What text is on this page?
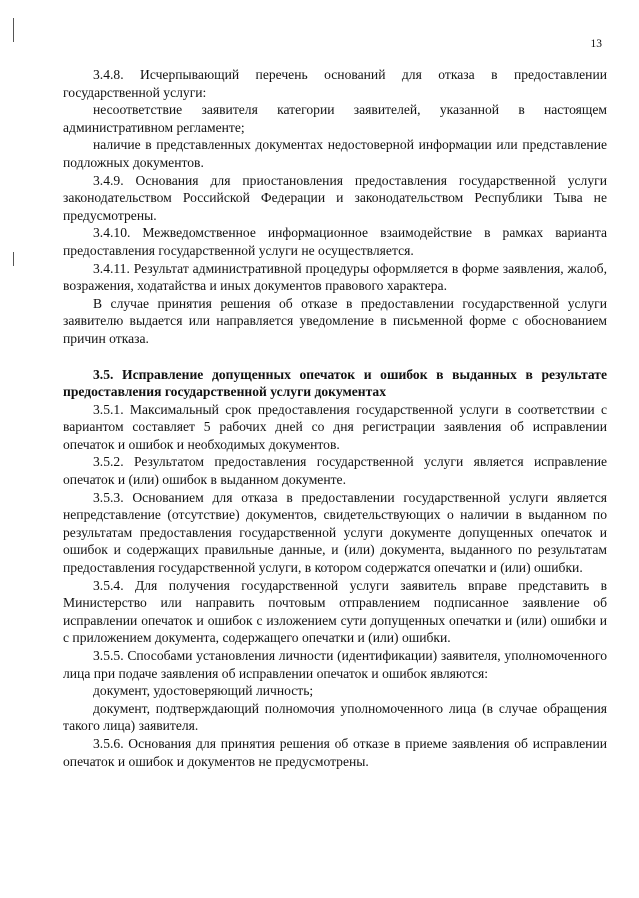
13

3.4.8. Исчерпывающий перечень оснований для отказа в предоставлении государственной услуги:

несоответствие заявителя категории заявителей, указанной в настоящем административном регламенте;

наличие в представленных документах недостоверной информации или представление подложных документов.

3.4.9. Основания для приостановления предоставления государственной услуги законодательством Российской Федерации и законодательством Республики Тыва не предусмотрены.

3.4.10. Межведомственное информационное взаимодействие в рамках варианта предоставления государственной услуги не осуществляется.

3.4.11. Результат административной процедуры оформляется в форме заявления, жалоб, возражения, ходатайства и иных документов правового характера.

В случае принятия решения об отказе в предоставлении государственной услуги заявителю выдается или направляется уведомление в письменной форме с обоснованием причин отказа.

3.5. Исправление допущенных опечаток и ошибок в выданных в результате предоставления государственной услуги документах

3.5.1. Максимальный срок предоставления государственной услуги в соответствии с вариантом составляет 5 рабочих дней со дня регистрации заявления об исправлении опечаток и ошибок и необходимых документов.

3.5.2. Результатом предоставления государственной услуги является исправление опечаток и (или) ошибок в выданном документе.

3.5.3. Основанием для отказа в предоставлении государственной услуги является непредставление (отсутствие) документов, свидетельствующих о наличии в выданном по результатам предоставления государственной услуги документе допущенных опечаток и ошибок и содержащих правильные данные, и (или) документа, выданного по результатам предоставления государственной услуги, в котором содержатся опечатки и (или) ошибки.

3.5.4. Для получения государственной услуги заявитель вправе представить в Министерство или направить почтовым отправлением подписанное заявление об исправлении опечаток и ошибок с изложением сути допущенных опечатки и (или) ошибки и с приложением документа, содержащего опечатки и (или) ошибки.

3.5.5. Способами установления личности (идентификации) заявителя, уполномоченного лица при подаче заявления об исправлении опечаток и ошибок являются:

документ, удостоверяющий личность;

документ, подтверждающий полномочия уполномоченного лица (в случае обращения такого лица) заявителя.

3.5.6. Основания для принятия решения об отказе в приеме заявления об исправлении опечаток и ошибок и документов не предусмотрены.
